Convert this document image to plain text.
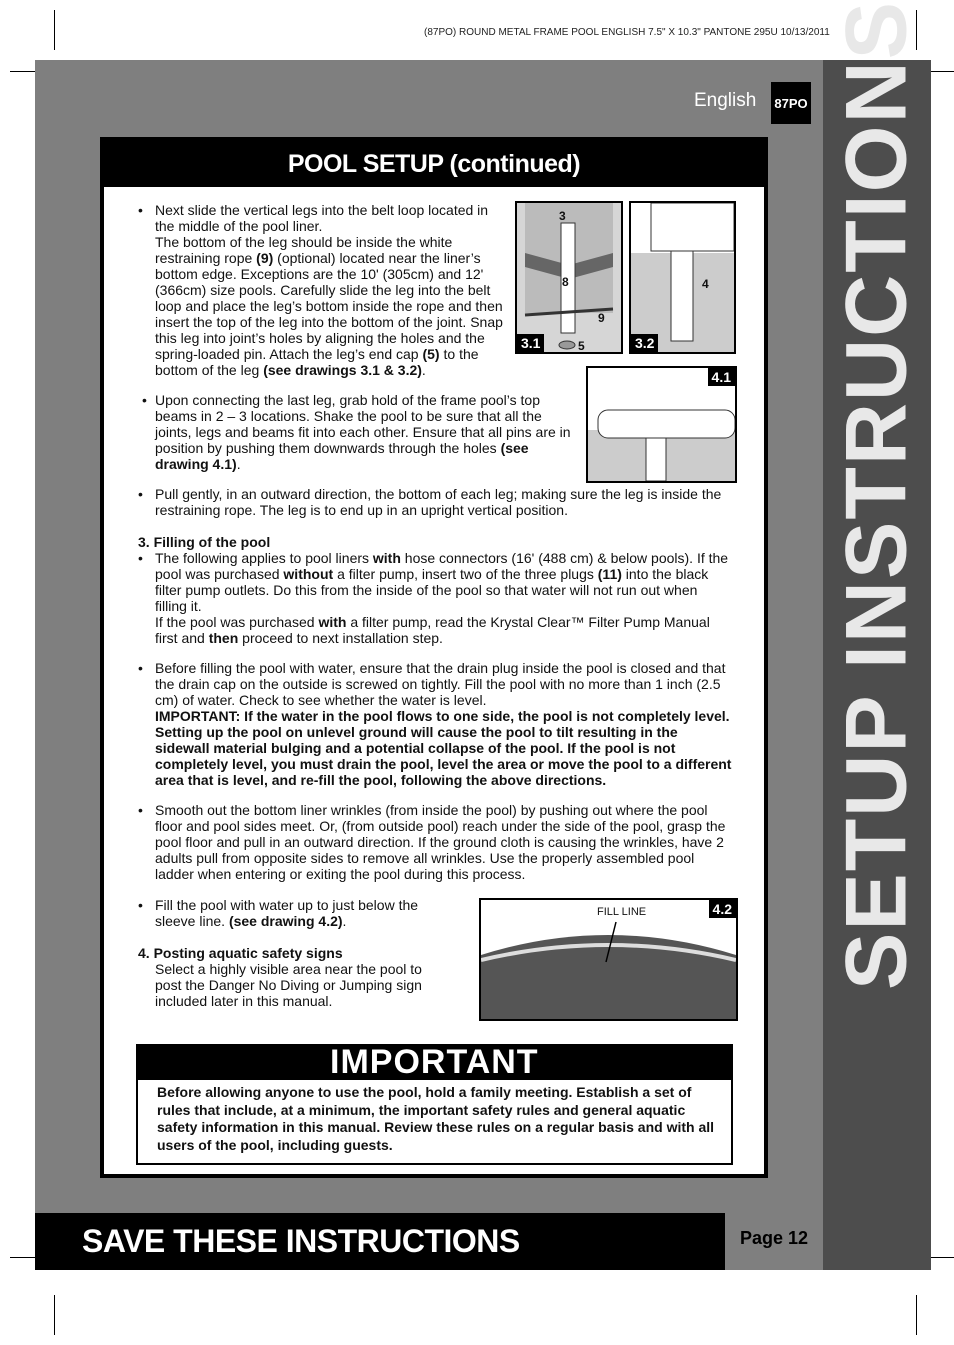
(87PO) ROUND METAL FRAME POOL ENGLISH 7.5" X 10.3" PANTONE 295U 10/13/2011
SETUP INSTRUCTIONS
English 87PO
POOL SETUP (continued)
• Next slide the vertical legs into the belt loop located in the middle of the pool liner.
The bottom of the leg should be inside the white restraining rope (9) (optional) located near the liner’s bottom edge. Exceptions are the 10' (305cm) and 12' (366cm) size pools. Carefully slide the leg into the belt loop and place the leg’s bottom inside the rope and then insert the top of the leg into the bottom of the joint. Snap this leg into joint’s holes by aligning the holes and the spring-loaded pin. Attach the leg’s end cap (5) to the bottom of the leg (see drawings 3.1 & 3.2).
• Upon connecting the last leg, grab hold of the frame pool’s top beams in 2 – 3 locations. Shake the pool to be sure that all the joints, legs and beams fit into each other. Ensure that all pins are in position by pushing them downwards through the holes (see drawing 4.1).
• Pull gently, in an outward direction, the bottom of each leg; making sure the leg is inside the restraining rope. The leg is to end up in an upright vertical position.
3. Filling of the pool
• The following applies to pool liners with hose connectors (16' (488 cm) & below pools). If the pool was purchased without a filter pump, insert two of the three plugs (11) into the black filter pump outlets. Do this from the inside of the pool so that water will not run out when filling it.
If the pool was purchased with a filter pump, read the Krystal Clear™ Filter Pump Manual first and then proceed to next installation step.
• Before filling the pool with water, ensure that the drain plug inside the pool is closed and that the drain cap on the outside is screwed on tightly. Fill the pool with no more than 1 inch (2.5 cm) of water. Check to see whether the water is level.
IMPORTANT: If the water in the pool flows to one side, the pool is not completely level. Setting up the pool on unlevel ground will cause the pool to tilt resulting in the sidewall material bulging and a potential collapse of the pool. If the pool is not completely level, you must drain the pool, level the area or move the pool to a different area that is level, and re-fill the pool, following the above directions.
• Smooth out the bottom liner wrinkles (from inside the pool) by pushing out where the pool floor and pool sides meet. Or, (from outside pool) reach under the side of the pool, grasp the pool floor and pull in an outward direction. If the ground cloth is causing the wrinkles, have 2 adults pull from opposite sides to remove all wrinkles. Use the properly assembled pool ladder when entering or exiting the pool during this process.
• Fill the pool with water up to just below the sleeve line. (see drawing 4.2).
4. Posting aquatic safety signs
Select a highly visible area near the pool to post the Danger No Diving or Jumping sign included later in this manual.
3
8
9
5
3.1
4
3.2
4.1
FILL LINE	4.2
IMPORTANT
Before allowing anyone to use the pool, hold a family meeting. Establish a set of rules that include, at a minimum, the important safety rules and general aquatic safety information in this manual. Review these rules on a regular basis and with all users of the pool, including guests.
SAVE THESE INSTRUCTIONS	Page 12
